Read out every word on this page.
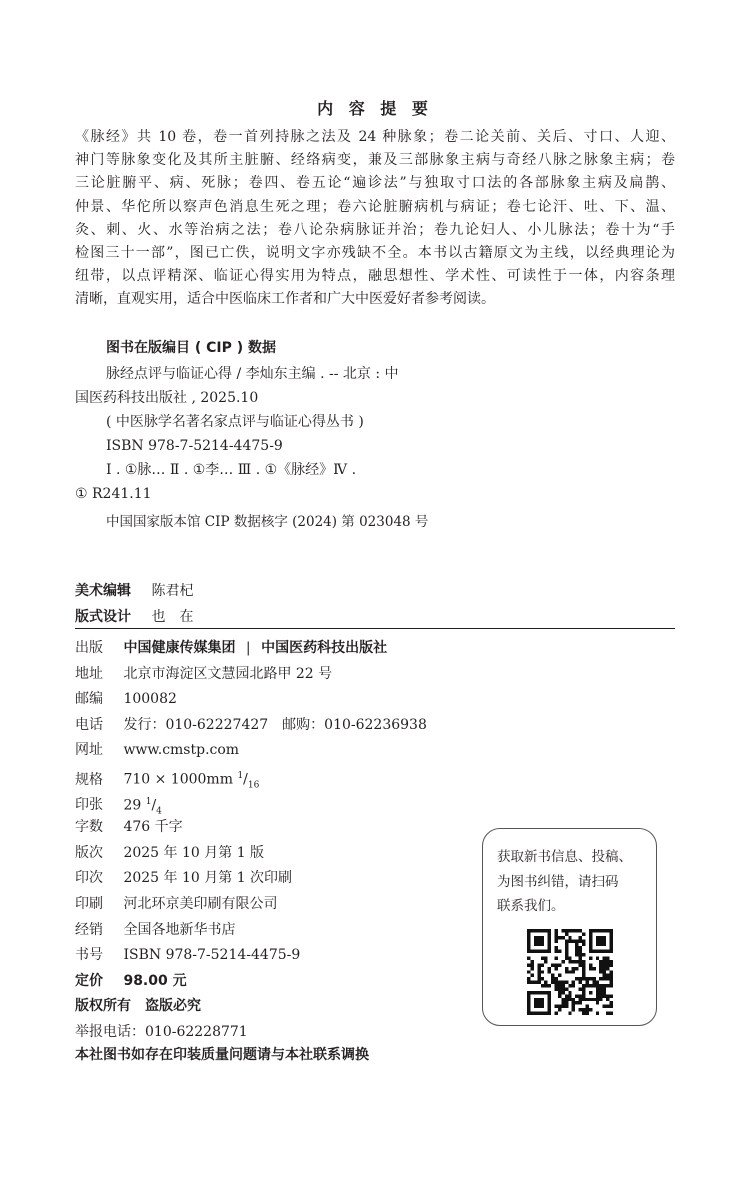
内 容 提 要
《脉经》共 10 卷，卷一首列持脉之法及 24 种脉象；卷二论关前、关后、寸口、人迎、
神门等脉象变化及其所主脏腑、经络病变，兼及三部脉象主病与奇经八脉之脉象主病；卷
三论脏腑平、病、死脉；卷四、卷五论“遍诊法”与独取寸口法的各部脉象主病及扁鹊、
仲景、华佗所以察声色消息生死之理；卷六论脏腑病机与病证；卷七论汗、吐、下、温、
灸、刺、火、水等治病之法；卷八论杂病脉证并治；卷九论妇人、小儿脉法；卷十为“手
检图三十一部”，图已亡佚，说明文字亦残缺不全。本书以古籍原文为主线，以经典理论为
纽带，以点评精深、临证心得实用为特点，融思想性、学术性、可读性于一体，内容条理
清晰，直观实用，适合中医临床工作者和广大中医爱好者参考阅读。
图书在版编目 ( CIP ) 数据
脉经点评与临证心得 / 李灿东主编 . -- 北京 : 中
国医药科技出版社 , 2025.10
( 中医脉学名著名家点评与临证心得丛书 )
ISBN 978-7-5214-4475-9
Ⅰ . ①脉… Ⅱ . ①李… Ⅲ . ①《脉经》Ⅳ .
① R241.11
中国国家版本馆 CIP 数据核字 (2024) 第 023048 号
美术编辑 陈君杞
版式设计 也　在
出版 中国健康传媒集团 | 中国医药科技出版社
地址 北京市海淀区文慧园北路甲 22 号
邮编 100082
电话 发行：010-62227427　邮购：010-62236938
网址 www.cmstp.com
规格 710 × 1000mm $^1/_{16}$
印张 29 $^1/_4$
字数 476 千字
版次 2025 年 10 月第 1 版
印次 2025 年 10 月第 1 次印刷
印刷 河北环京美印刷有限公司
经销 全国各地新华书店
书号 ISBN 978-7-5214-4475-9
定价 98.00 元
版权所有　盗版必究
举报电话：010-62228771
本社图书如存在印装质量问题请与本社联系调换
获取新书信息、投稿、
为图书纠错，请扫码
联系我们。
